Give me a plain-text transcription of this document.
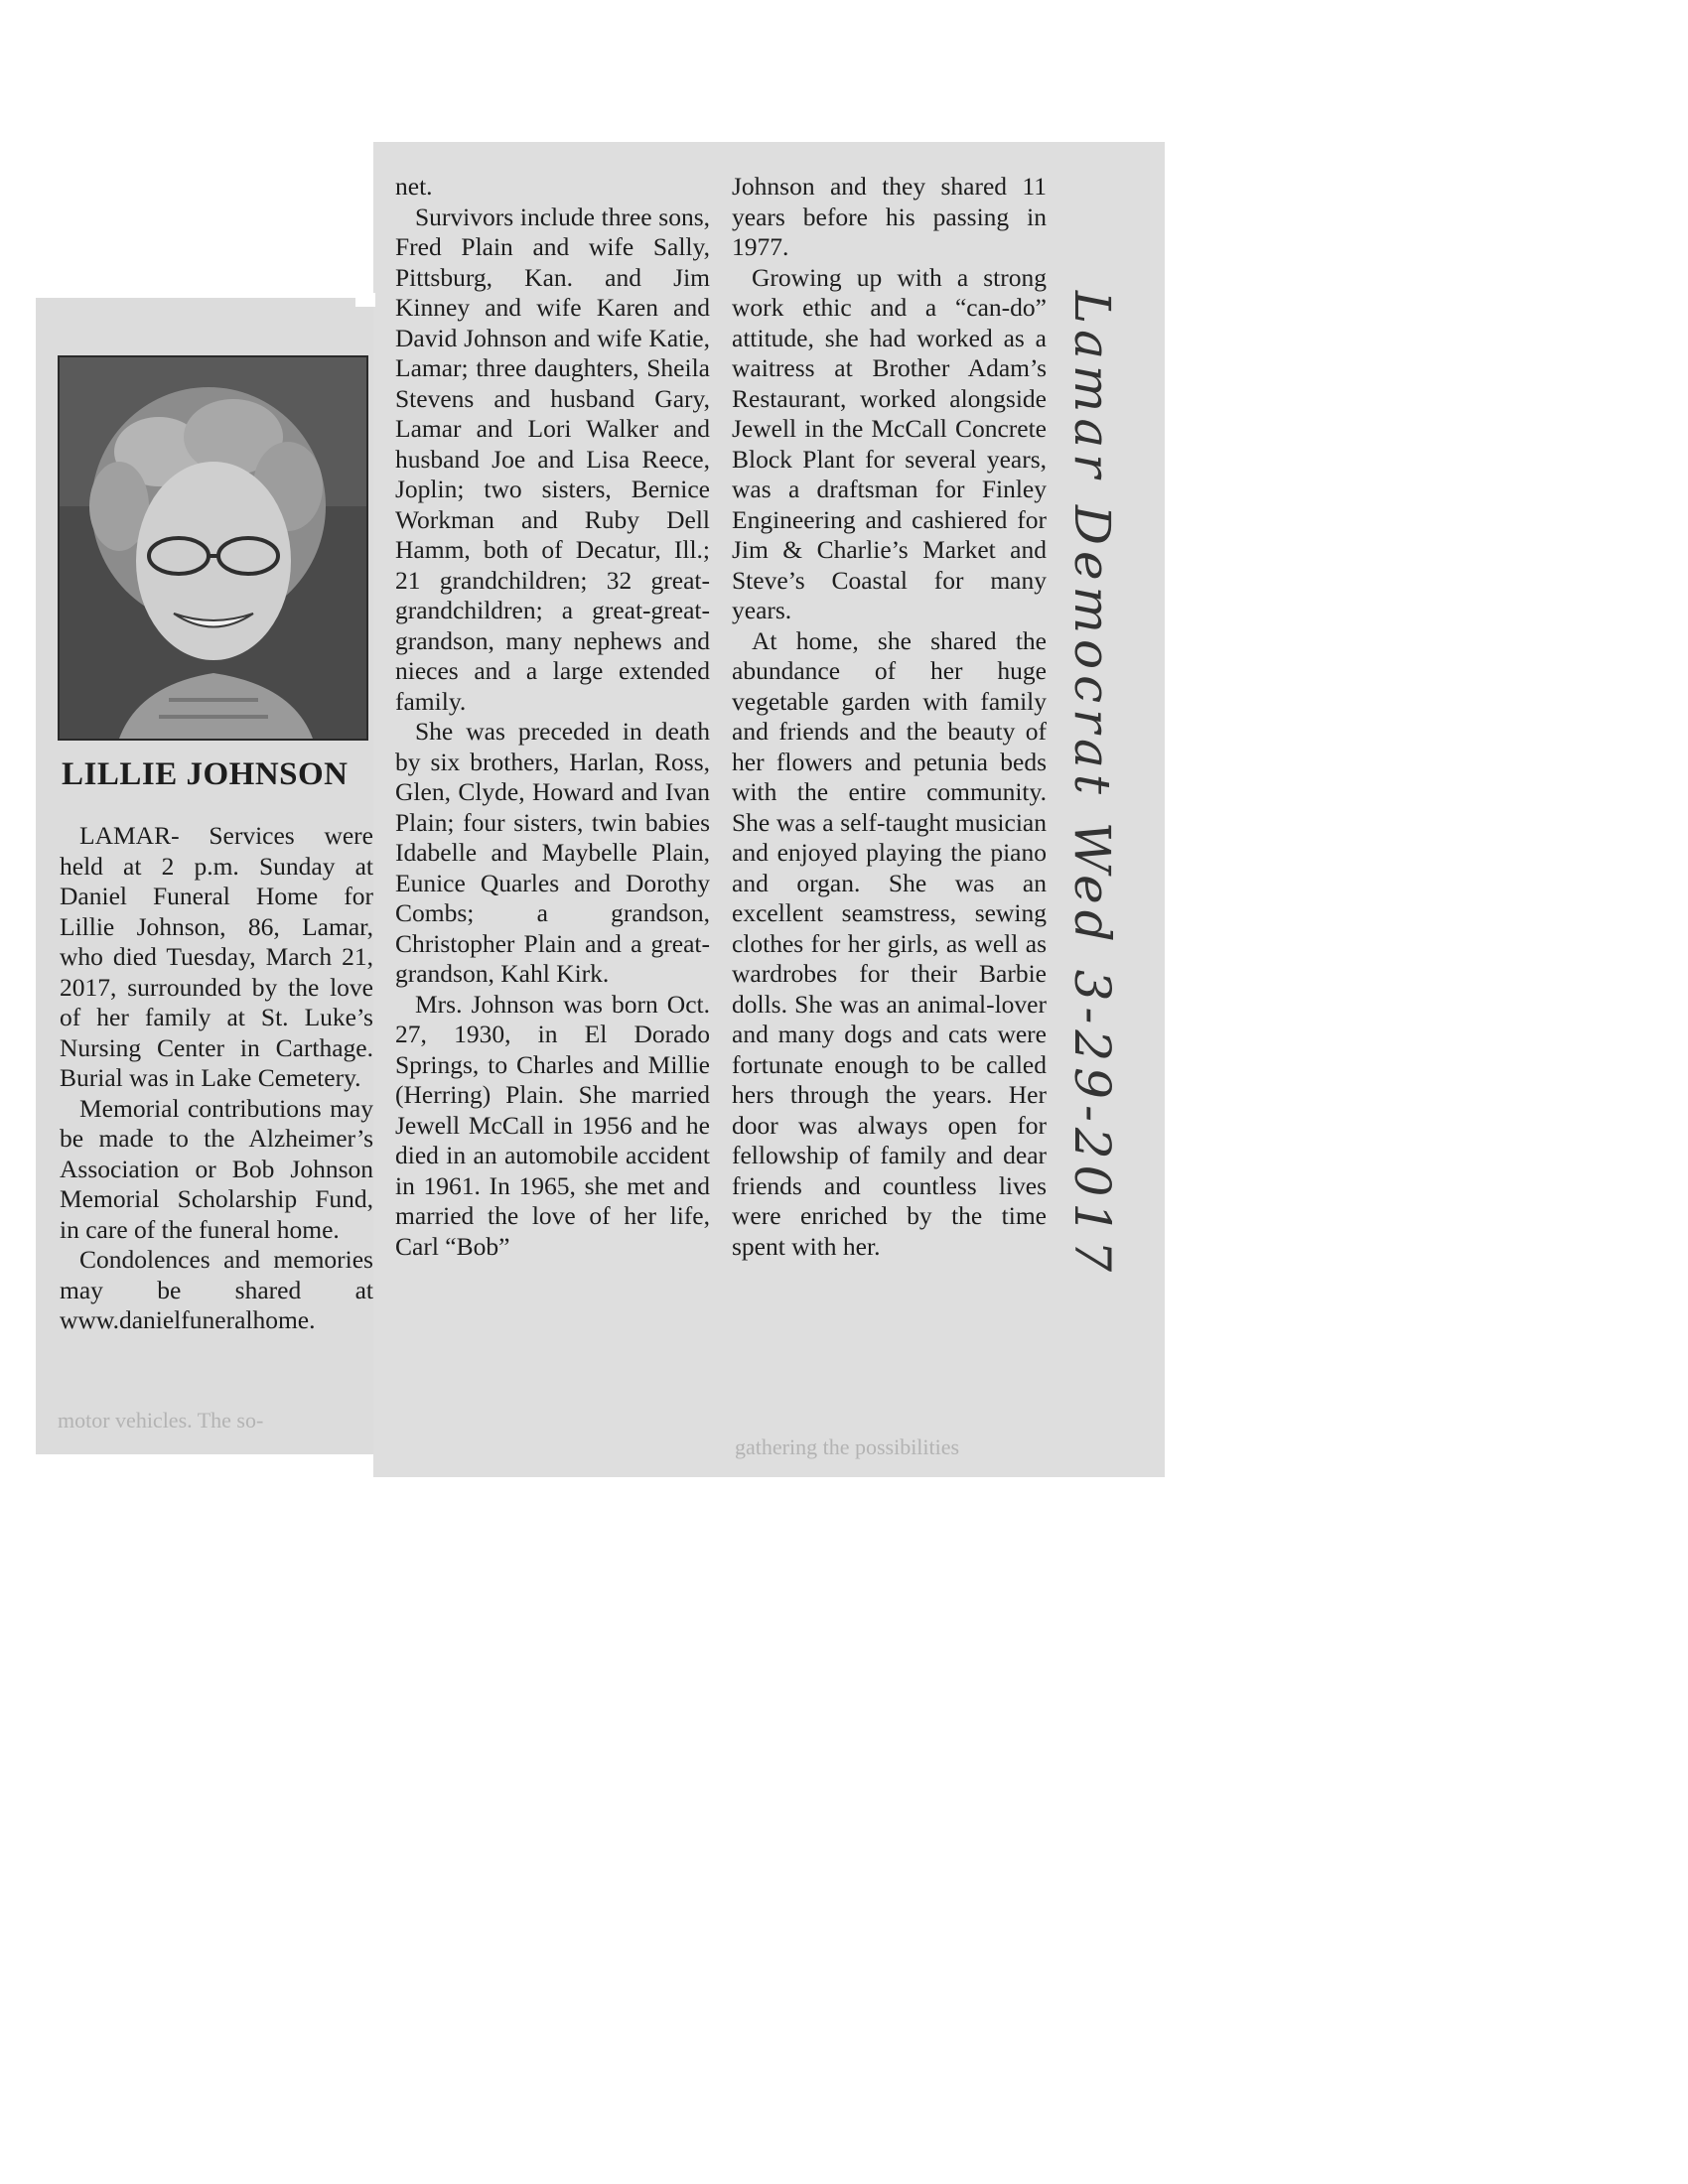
LILLIE JOHNSON

LAMAR- Services were held at 2 p.m. Sunday at Daniel Funeral Home for Lillie Johnson, 86, Lamar, who died Tuesday, March 21, 2017, surrounded by the love of her family at St. Luke’s Nursing Center in Carthage. Burial was in Lake Cemetery.

Memorial contributions may be made to the Alzheimer’s Association or Bob Johnson Memorial Scholarship Fund, in care of the funeral home.

Condolences and memories may be shared at www.danielfuneralhome.

net.

Survivors include three sons, Fred Plain and wife Sally, Pittsburg, Kan. and Jim Kinney and wife Karen and David Johnson and wife Katie, Lamar; three daughters, Sheila Stevens and husband Gary, Lamar and Lori Walker and husband Joe and Lisa Reece, Joplin; two sisters, Bernice Workman and Ruby Dell Hamm, both of Decatur, Ill.; 21 grandchildren; 32 great-grandchildren; a great-great-grandson, many nephews and nieces and a large extended family.

She was preceded in death by six brothers, Harlan, Ross, Glen, Clyde, Howard and Ivan Plain; four sisters, twin babies Idabelle and Maybelle Plain, Eunice Quarles and Dorothy Combs; a grandson, Christopher Plain and a great-grandson, Kahl Kirk.

Mrs. Johnson was born Oct. 27, 1930, in El Dorado Springs, to Charles and Millie (Herring) Plain. She married Jewell McCall in 1956 and he died in an automobile accident in 1961. In 1965, she met and married the love of her life, Carl “Bob”

Johnson and they shared 11 years before his passing in 1977.

Growing up with a strong work ethic and a “can-do” attitude, she had worked as a waitress at Brother Adam’s Restaurant, worked alongside Jewell in the McCall Concrete Block Plant for several years, was a draftsman for Finley Engineering and cashiered for Jim & Charlie’s Market and Steve’s Coastal for many years.

At home, she shared the abundance of her huge vegetable garden with family and friends and the beauty of her flowers and petunia beds with the entire community. She was a self-taught musician and enjoyed playing the piano and organ. She was an excellent seamstress, sewing clothes for her girls, as well as wardrobes for their Barbie dolls. She was an animal-lover and many dogs and cats were fortunate enough to be called hers through the years. Her door was always open for fellowship of family and dear friends and countless lives were enriched by the time spent with her.	Lamar Democrat Wed 3-29-2017
motor vehicles. The so-
gathering the possibilities
